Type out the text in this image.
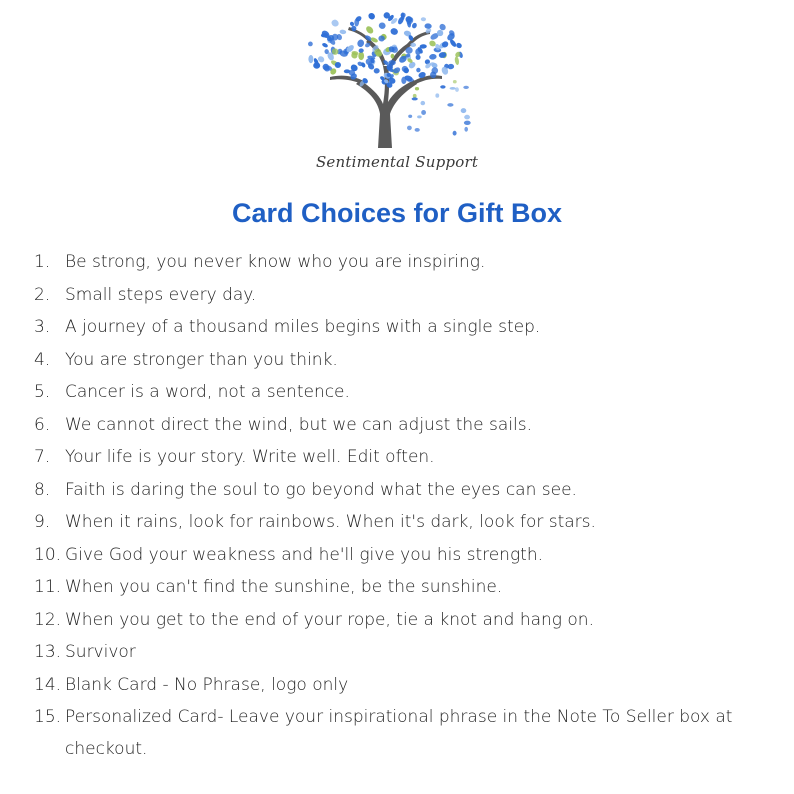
Sentimental Support
Card Choices for Gift Box
1. Be strong, you never know who you are inspiring.
2. Small steps every day.
3. A journey of a thousand miles begins with a single step.
4. You are stronger than you think.
5. Cancer is a word, not a sentence.
6. We cannot direct the wind, but we can adjust the sails.
7. Your life is your story. Write well. Edit often.
8. Faith is daring the soul to go beyond what the eyes can see.
9. When it rains, look for rainbows. When it's dark, look for stars.
10. Give God your weakness and he'll give you his strength.
11. When you can't find the sunshine, be the sunshine.
12. When you get to the end of your rope, tie a knot and hang on.
13. Survivor
14. Blank Card - No Phrase, logo only
15. Personalized Card- Leave your inspirational phrase in the Note To Seller box at checkout.
